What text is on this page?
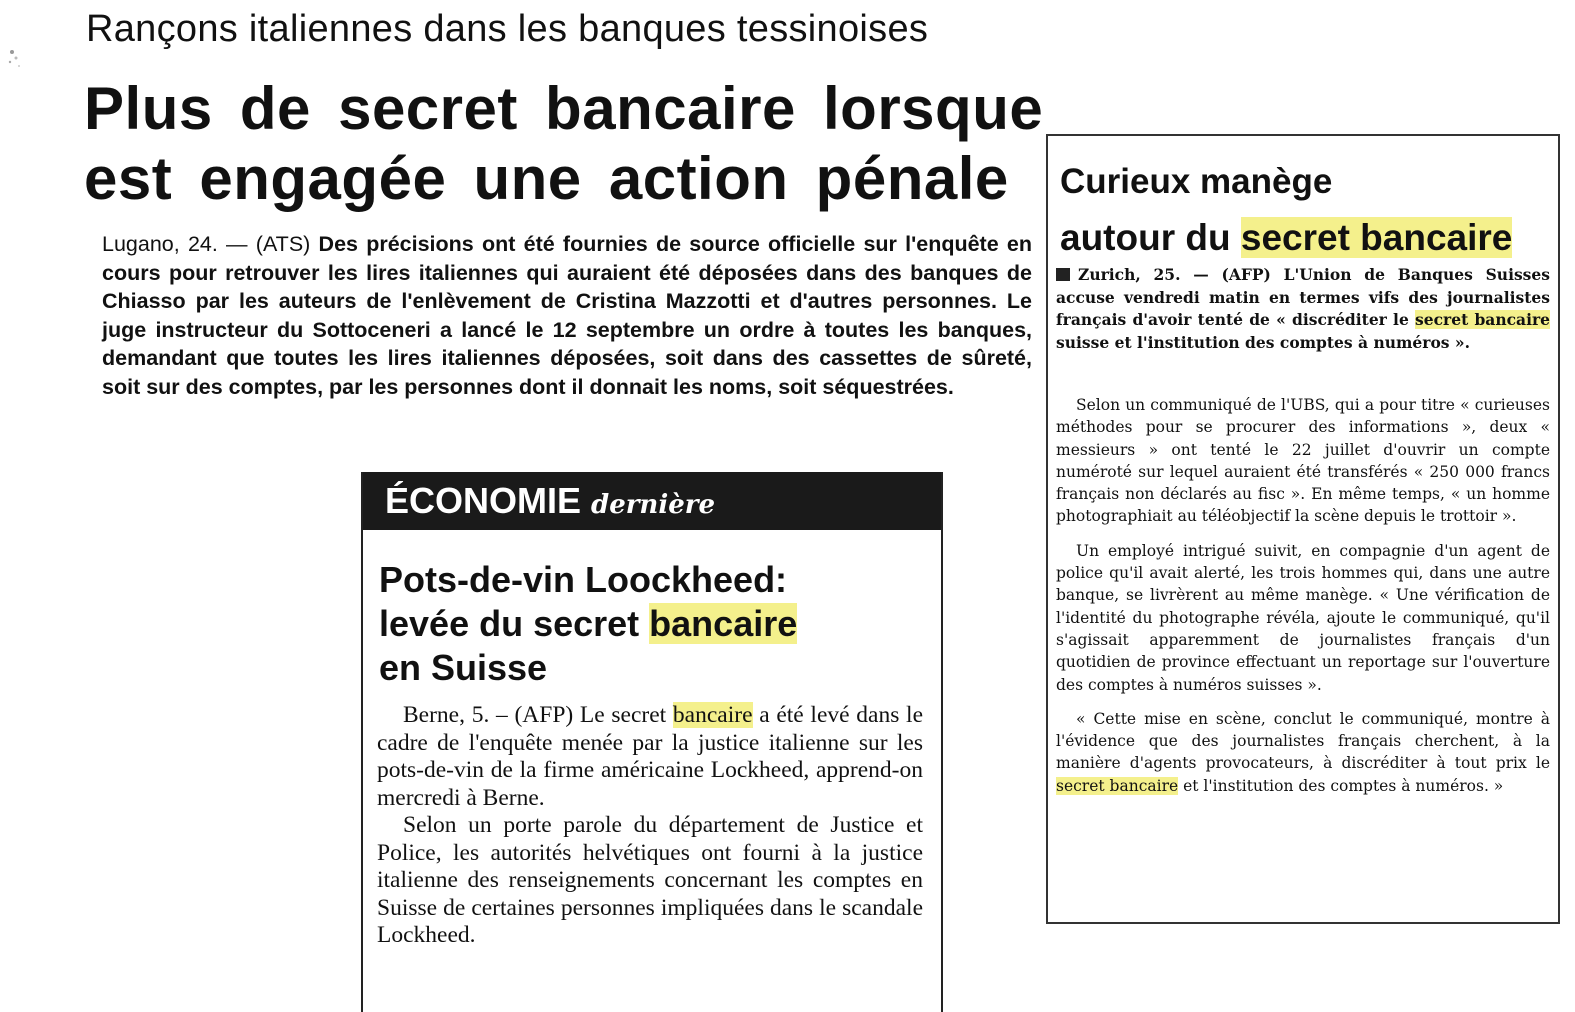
Rançons italiennes dans les banques tessinoises
Plus de secret bancaire lorsque
est engagée une action pénale
Lugano, 24. — (ATS) Des précisions ont été fournies de source officielle sur l'enquête en cours pour retrouver les lires italiennes qui auraient été déposées dans des banques de Chiasso par les auteurs de l'enlèvement de Cristina Mazzotti et d'autres personnes. Le juge instructeur du Sottoceneri a lancé le 12 septembre un ordre à toutes les banques, demandant que toutes les lires italiennes déposées, soit dans des cassettes de sûreté, soit sur des comptes, par les personnes dont il donnait les noms, soit séquestrées.
ÉCONOMIE dernière
Pots-de-vin Loockheed:
levée du secret bancaire
en Suisse

Berne, 5. – (AFP) Le secret bancaire a été levé dans le cadre de l'enquête menée par la justice italienne sur les pots-de-vin de la firme américaine Lockheed, apprend-on mercredi à Berne.

Selon un porte parole du département de Justice et Police, les autorités helvétiques ont fourni à la justice italienne des renseignements concernant les comptes en Suisse de certaines personnes impliquées dans le scandale Lockheed.

Curieux manège
autour du secret bancaire
Zurich, 25. — (AFP) L'Union de Banques Suisses accuse vendredi matin en termes vifs des journalistes français d'avoir tenté de « discréditer le secret bancaire suisse et l'institution des comptes à numéros ».

Selon un communiqué de l'UBS, qui a pour titre « curieuses méthodes pour se procurer des informations », deux « messieurs » ont tenté le 22 juillet d'ouvrir un compte numéroté sur lequel auraient été transférés « 250 000 francs français non déclarés au fisc ». En même temps, « un homme photographiait au téléobjectif la scène depuis le trottoir ».

Un employé intrigué suivit, en compagnie d'un agent de police qu'il avait alerté, les trois hommes qui, dans une autre banque, se livrèrent au même manège. « Une vérification de l'identité du photographe révéla, ajoute le communiqué, qu'il s'agissait apparemment de journalistes français d'un quotidien de province effectuant un reportage sur l'ouverture des comptes à numéros suisses ».

« Cette mise en scène, conclut le communiqué, montre à l'évidence que des journalistes français cherchent, à la manière d'agents provocateurs, à discréditer à tout prix le secret bancaire et l'institution des comptes à numéros. »
